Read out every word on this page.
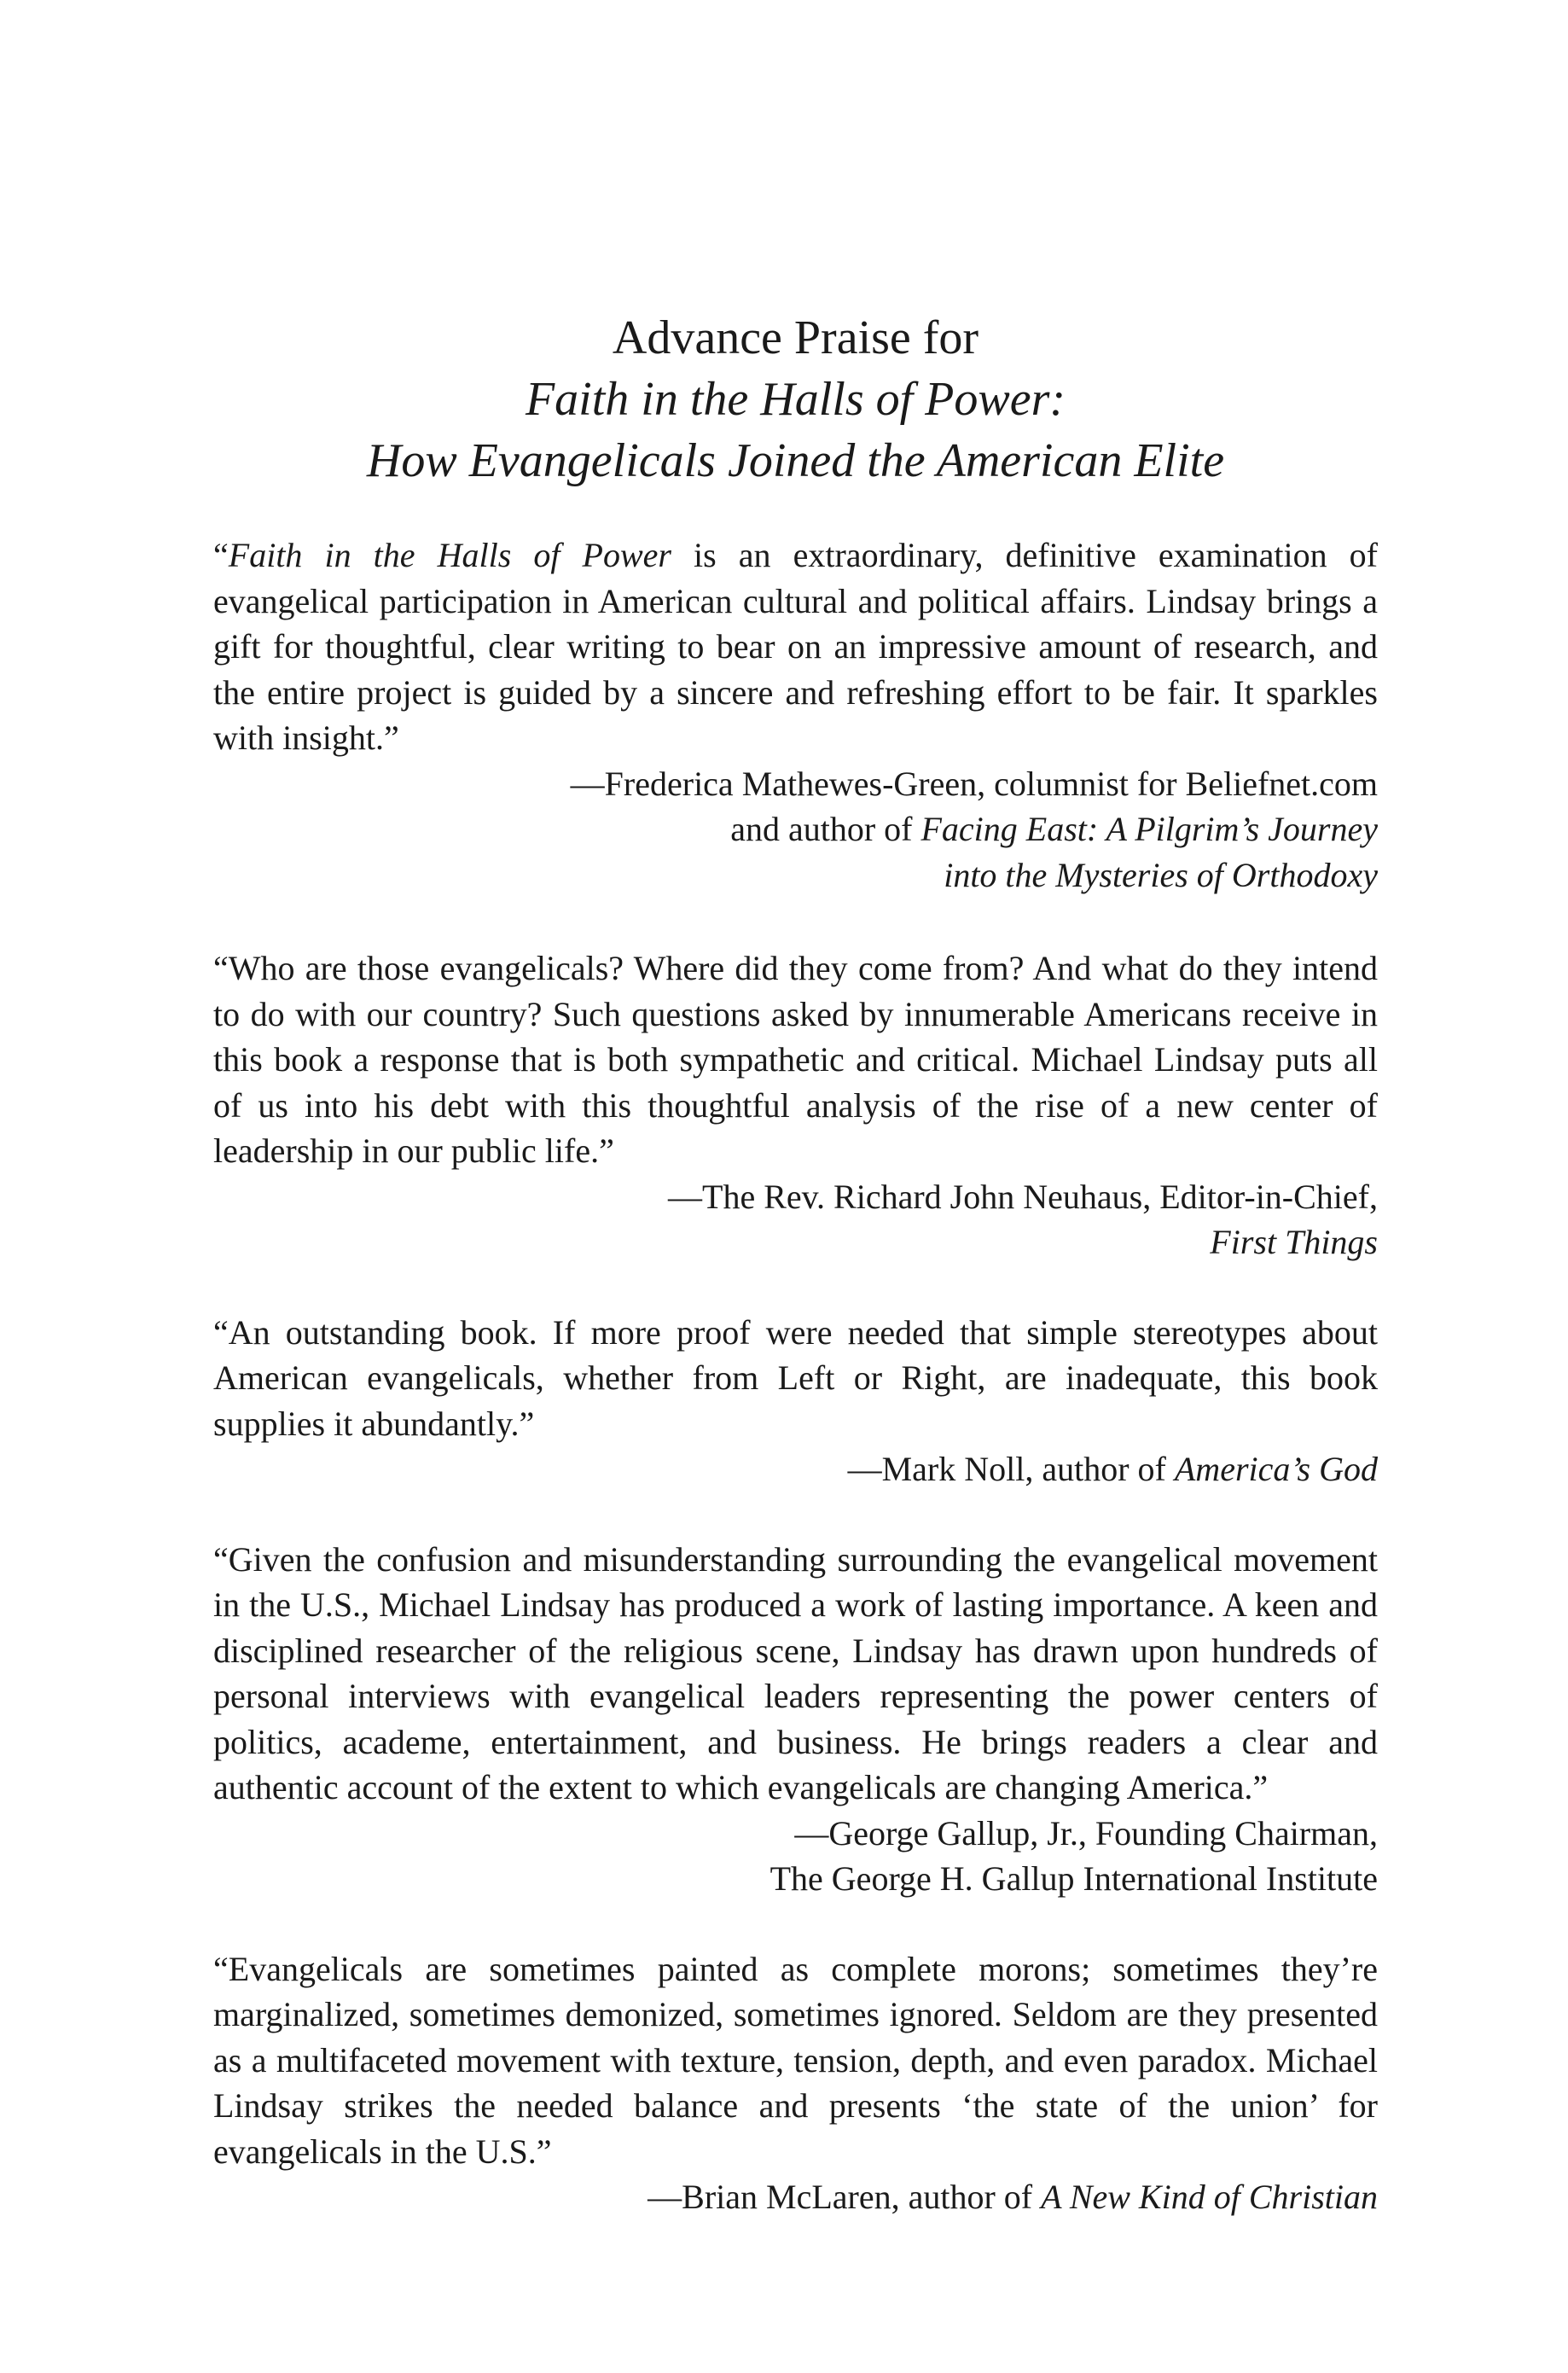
Advance Praise for
Faith in the Halls of Power:
How Evangelicals Joined the American Elite

“Faith in the Halls of Power is an extraordinary, definitive examination of evangelical participation in American cultural and political affairs. Lindsay brings a gift for thoughtful, clear writing to bear on an impressive amount of research, and the entire project is guided by a sincere and refreshing effort to be fair. It sparkles with insight.”

—Frederica Mathewes-Green, columnist for Beliefnet.com
and author of Facing East: A Pilgrim’s Journey
into the Mysteries of Orthodoxy

“Who are those evangelicals? Where did they come from? And what do they intend to do with our country? Such questions asked by innumerable Americans receive in this book a response that is both sympathetic and critical. Michael Lindsay puts all of us into his debt with this thoughtful analysis of the rise of a new center of leadership in our public life.”

—The Rev. Richard John Neuhaus, Editor-in-Chief,
First Things

“An outstanding book. If more proof were needed that simple stereotypes about American evangelicals, whether from Left or Right, are inadequate, this book supplies it abundantly.”

—Mark Noll, author of America’s God

“Given the confusion and misunderstanding surrounding the evangelical movement in the U.S., Michael Lindsay has produced a work of lasting importance. A keen and disciplined researcher of the religious scene, Lindsay has drawn upon hundreds of personal interviews with evangelical leaders representing the power centers of politics, academe, entertainment, and business. He brings readers a clear and authentic account of the extent to which evangelicals are changing America.”

—George Gallup, Jr., Founding Chairman,
The George H. Gallup International Institute

“Evangelicals are sometimes painted as complete morons; sometimes they’re marginalized, sometimes demonized, sometimes ignored. Seldom are they presented as a multifaceted movement with texture, tension, depth, and even paradox. Michael Lindsay strikes the needed balance and presents ‘the state of the union’ for evangelicals in the U.S.”

—Brian McLaren, author of A New Kind of Christian
